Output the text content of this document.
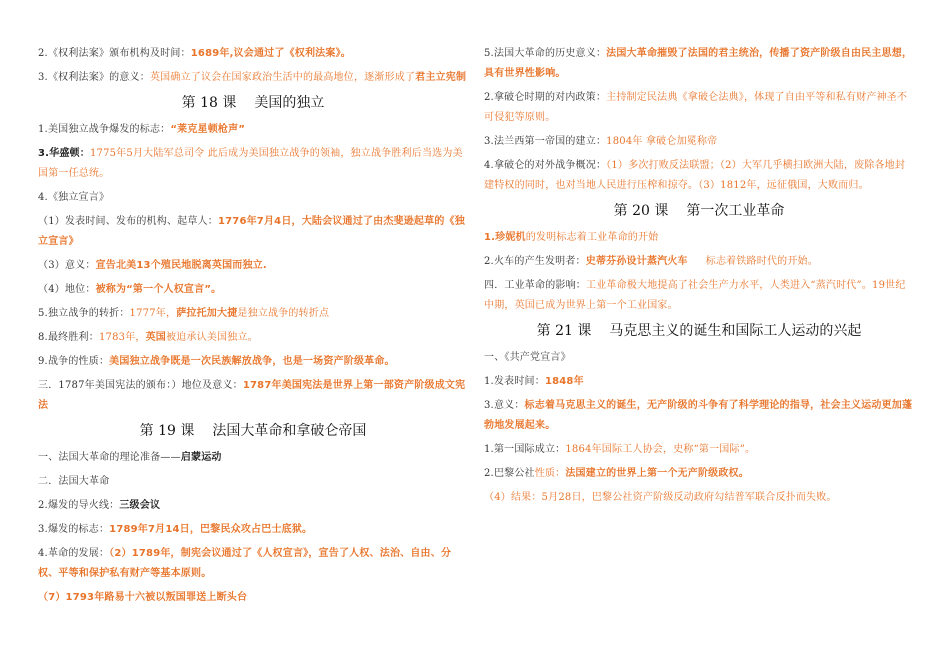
2.《权利法案》颁布机构及时间：1689年,议会通过了《权利法案》。

3.《权利法案》的意义：英国确立了议会在国家政治生活中的最高地位，逐渐形成了君主立宪制

第 18 课 美国的独立

1.美国独立战争爆发的标志：“莱克星顿枪声”

3.华盛顿：1775年5月大陆军总司令 此后成为美国独立战争的领袖，独立战争胜利后当选为美国第一任总统。

4.《独立宣言》

（1）发表时间、发布的机构、起草人：1776年7月4日，大陆会议通过了由杰斐逊起草的《独立宣言》

（3）意义：宣告北美13个殖民地脱离英国而独立.

（4）地位：被称为“第一个人权宣言”。

5.独立战争的转折：1777年，萨拉托加大捷是独立战争的转折点

8.最终胜利：1783年，英国被迫承认美国独立。

9.战争的性质：美国独立战争既是一次民族解放战争，也是一场资产阶级革命。

三．1787年美国宪法的颁布：）地位及意义：1787年美国宪法是世界上第一部资产阶级成文宪法

第 19 课 法国大革命和拿破仑帝国

一、法国大革命的理论准备——启蒙运动

二．法国大革命

2.爆发的导火线：三级会议

3.爆发的标志：1789年7月14日，巴黎民众攻占巴士底狱。

4.革命的发展：（2）1789年，制宪会议通过了《人权宣言》，宣告了人权、法治、自由、分权、平等和保护私有财产等基本原则。

（7）1793年路易十六被以叛国罪送上断头台

5.法国大革命的历史意义：法国大革命摧毁了法国的君主统治，传播了资产阶级自由民主思想，具有世界性影响。

2.拿破仑时期的对内政策：主持制定民法典《拿破仑法典》，体现了自由平等和私有财产神圣不可侵犯等原则。

3.法兰西第一帝国的建立：1804年 拿破仑加冕称帝

4.拿破仑的对外战争概况：（1）多次打败反法联盟；（2）大军几乎横扫欧洲大陆，废除各地封建特权的同时，也对当地人民进行压榨和掠夺。（3）1812年，远征俄国，大败而归。

第 20 课 第一次工业革命

1.珍妮机的发明标志着工业革命的开始

2.火车的产生发明者：史蒂芬孙设计蒸汽火车 标志着铁路时代的开始。

四．工业革命的影响：工业革命极大地提高了社会生产力水平，人类进入“蒸汽时代”。19世纪中期，英国已成为世界上第一个工业国家。

第 21 课 马克思主义的诞生和国际工人运动的兴起

一、《共产党宣言》

1.发表时间：1848年

3.意义：标志着马克思主义的诞生，无产阶级的斗争有了科学理论的指导，社会主义运动更加蓬勃地发展起来。

1.第一国际成立：1864年国际工人协会，史称“第一国际”。

2.巴黎公社性质：法国建立的世界上第一个无产阶级政权。

（4）结果：5月28日，巴黎公社资产阶级反动政府勾结普军联合反扑而失败。
